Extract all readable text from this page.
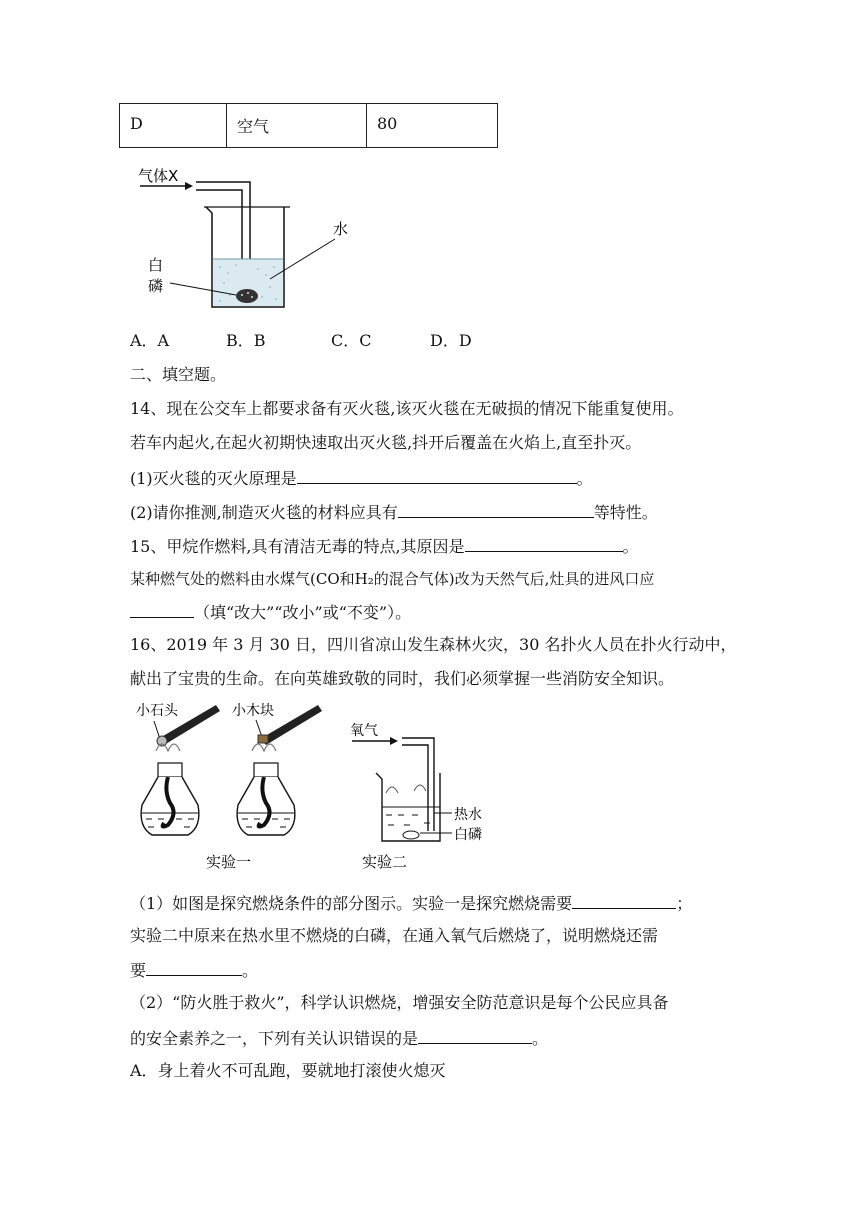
D	空气	80
气体X
水
白
磷
A．A	B．B	C．C	D．D
二、填空题。
14、现在公交车上都要求备有灭火毯,该灭火毯在无破损的情况下能重复使用。
若车内起火,在起火初期快速取出灭火毯,抖开后覆盖在火焰上,直至扑灭。
(1)灭火毯的灭火原理是	。
(2)请你推测,制造灭火毯的材料应具有	等特性。
15、甲烷作燃料,具有清洁无毒的特点,其原因是	。
某种燃气处的燃料由水煤气(CO和H₂的混合气体)改为天然气后,灶具的进风口应
（填“改大”“改小”或“不变”）。
16、2019 年 3 月 30 日，四川省凉山发生森林火灾，30 名扑火人员在扑火行动中，
献出了宝贵的生命。在向英雄致敬的同时，我们必须掌握一些消防安全知识。
小石头	小木块
氧气
热水
白磷
实验一	实验二
（1）如图是探究燃烧条件的部分图示。实验一是探究燃烧需要	；
实验二中原来在热水里不燃烧的白磷，在通入氧气后燃烧了，说明燃烧还需
要	。
（2）“防火胜于救火”，科学认识燃烧，增强安全防范意识是每个公民应具备
的安全素养之一，下列有关认识错误的是	。
A．身上着火不可乱跑，要就地打滚使火熄灭
